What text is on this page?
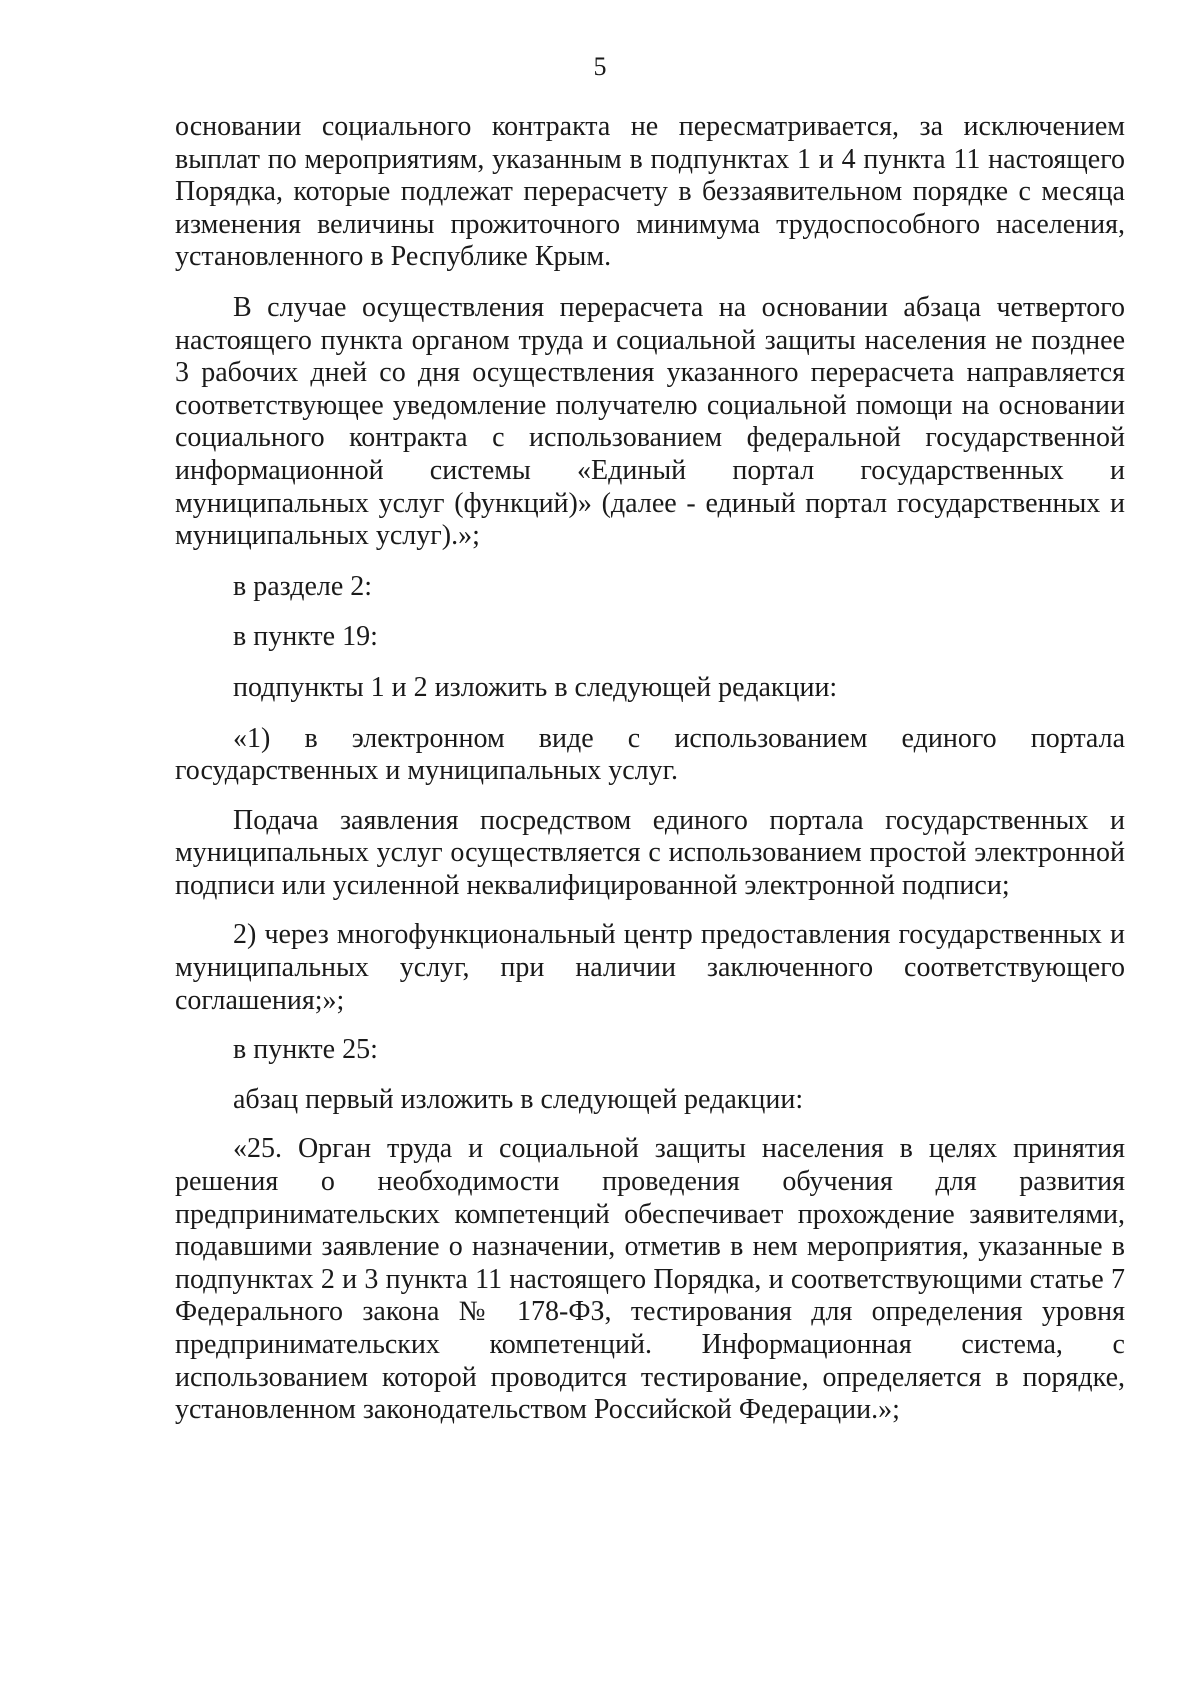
5

основании социального контракта не пересматривается, за исключением выплат по мероприятиям, указанным в подпунктах 1 и 4 пункта 11 настоящего Порядка, которые подлежат перерасчету в беззаявительном порядке с месяца изменения величины прожиточного минимума трудоспособного населения, установленного в Республике Крым.

В случае осуществления перерасчета на основании абзаца четвертого настоящего пункта органом труда и социальной защиты населения не позднее 3 рабочих дней со дня осуществления указанного перерасчета направляется соответствующее уведомление получателю социальной помощи на основании социального контракта с использованием федеральной государственной информационной системы «Единый портал государственных и муниципальных услуг (функций)» (далее - единый портал государственных и муниципальных услуг).»;

в разделе 2:

в пункте 19:

подпункты 1 и 2 изложить в следующей редакции:

«1) в электронном виде с использованием единого портала государственных и муниципальных услуг.

Подача заявления посредством единого портала государственных и муниципальных услуг осуществляется с использованием простой электронной подписи или усиленной неквалифицированной электронной подписи;

2) через многофункциональный центр предоставления государственных и муниципальных услуг, при наличии заключенного соответствующего соглашения;»;

в пункте 25:

абзац первый изложить в следующей редакции:

«25. Орган труда и социальной защиты населения в целях принятия решения о необходимости проведения обучения для развития предпринимательских компетенций обеспечивает прохождение заявителями, подавшими заявление о назначении, отметив в нем мероприятия, указанные в подпунктах 2 и 3 пункта 11 настоящего Порядка, и соответствующими статье 7 Федерального закона № 178-ФЗ, тестирования для определения уровня предпринимательских компетенций. Информационная система, с использованием которой проводится тестирование, определяется в порядке, установленном законодательством Российской Федерации.»;
